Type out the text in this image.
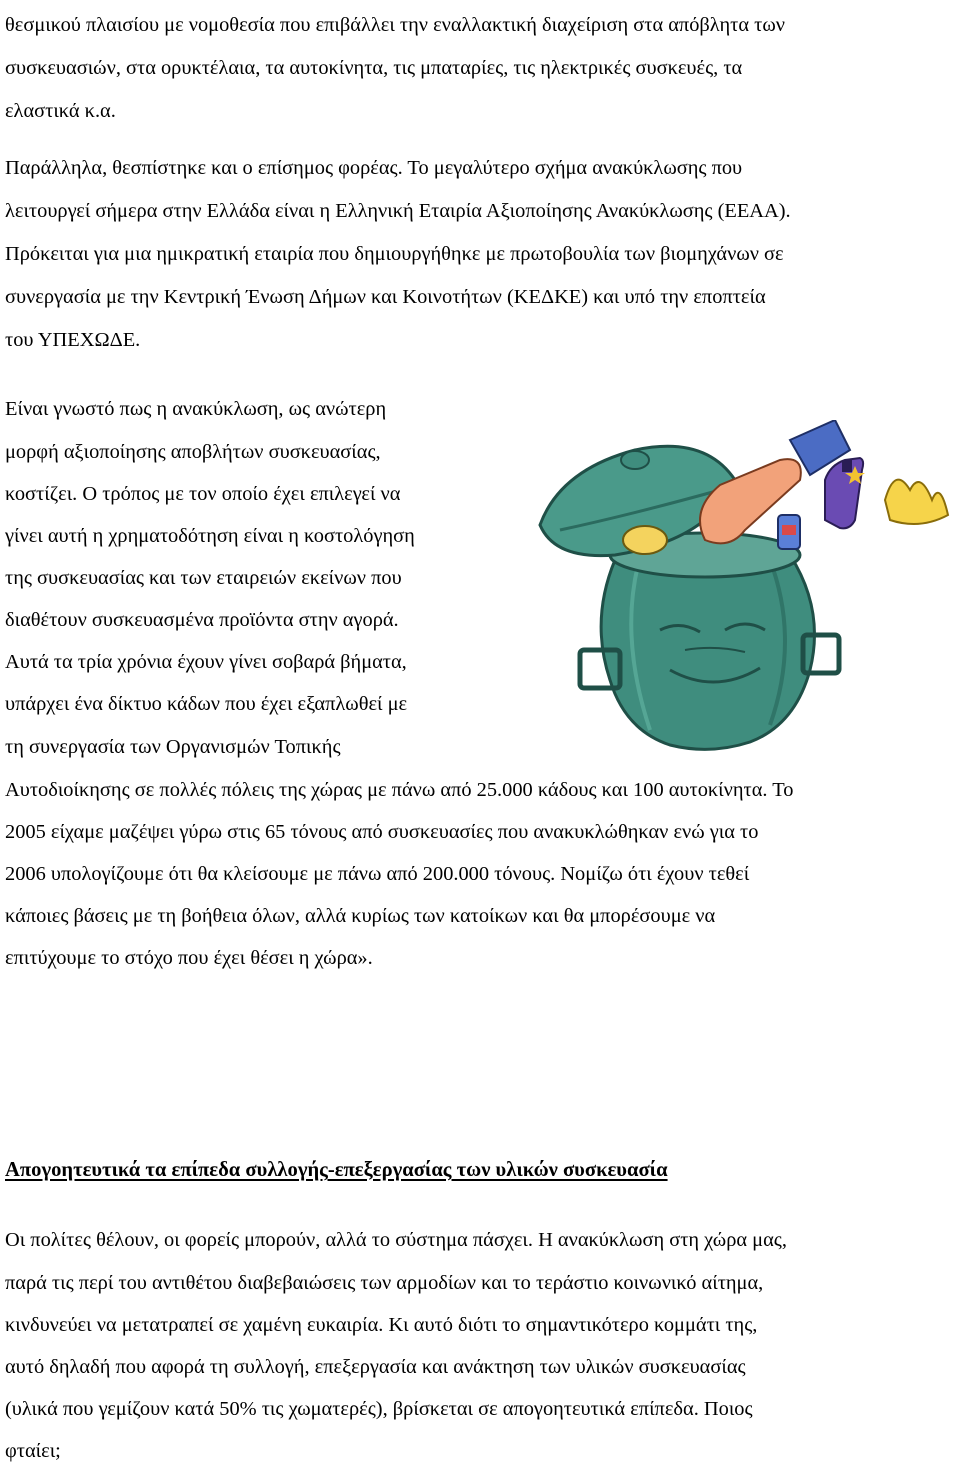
θεσμικού πλαισίου με νομοθεσία που επιβάλλει την εναλλακτική διαχείριση στα απόβλητα των
συσκευασιών, στα ορυκτέλαια, τα αυτοκίνητα, τις μπαταρίες, τις ηλεκτρικές συσκευές, τα
ελαστικά κ.α.
Παράλληλα, θεσπίστηκε και ο επίσημος φορέας. Το μεγαλύτερο σχήμα ανακύκλωσης που
λειτουργεί σήμερα στην Ελλάδα είναι η Ελληνική Εταιρία Αξιοποίησης Ανακύκλωσης (ΕΕΑΑ).
Πρόκειται για μια ημικρατική εταιρία που δημιουργήθηκε με πρωτοβουλία των βιομηχάνων σε
συνεργασία με την Κεντρική Ένωση Δήμων και Κοινοτήτων (ΚΕΔΚΕ) και υπό την εποπτεία
του ΥΠΕΧΩΔΕ.
Είναι γνωστό πως η ανακύκλωση, ως ανώτερη
μορφή αξιοποίησης αποβλήτων συσκευασίας,
κοστίζει. Ο τρόπος με τον οποίο έχει επιλεγεί να
γίνει αυτή η χρηματοδότηση είναι η κοστολόγηση
της συσκευασίας και των εταιρειών εκείνων που
διαθέτουν συσκευασμένα προϊόντα στην αγορά.
Αυτά τα τρία χρόνια έχουν γίνει σοβαρά βήματα,
υπάρχει ένα δίκτυο κάδων που έχει εξαπλωθεί με
τη συνεργασία των Οργανισμών Τοπικής
Αυτοδιοίκησης σε πολλές πόλεις της χώρας με πάνω από 25.000 κάδους και 100 αυτοκίνητα. Το
2005 είχαμε μαζέψει γύρω στις 65 τόνους από συσκευασίες που ανακυκλώθηκαν ενώ για το
2006 υπολογίζουμε ότι θα κλείσουμε με πάνω από 200.000 τόνους. Νομίζω ότι έχουν τεθεί
κάποιες βάσεις με τη βοήθεια όλων, αλλά κυρίως των κατοίκων και θα μπορέσουμε να
επιτύχουμε το στόχο που έχει θέσει η χώρα».
Απογοητευτικά τα επίπεδα συλλογής-επεξεργασίας των υλικών συσκευασία
Οι πολίτες θέλουν, οι φορείς μπορούν, αλλά το σύστημα πάσχει. Η ανακύκλωση στη χώρα μας,
παρά τις περί του αντιθέτου διαβεβαιώσεις των αρμοδίων και το τεράστιο κοινωνικό αίτημα,
κινδυνεύει να μετατραπεί σε χαμένη ευκαιρία. Κι αυτό διότι το σημαντικότερο κομμάτι της,
αυτό δηλαδή που αφορά τη συλλογή, επεξεργασία και ανάκτηση των υλικών συσκευασίας
(υλικά που γεμίζουν κατά 50% τις χωματερές), βρίσκεται σε απογοητευτικά επίπεδα. Ποιος
φταίει;
